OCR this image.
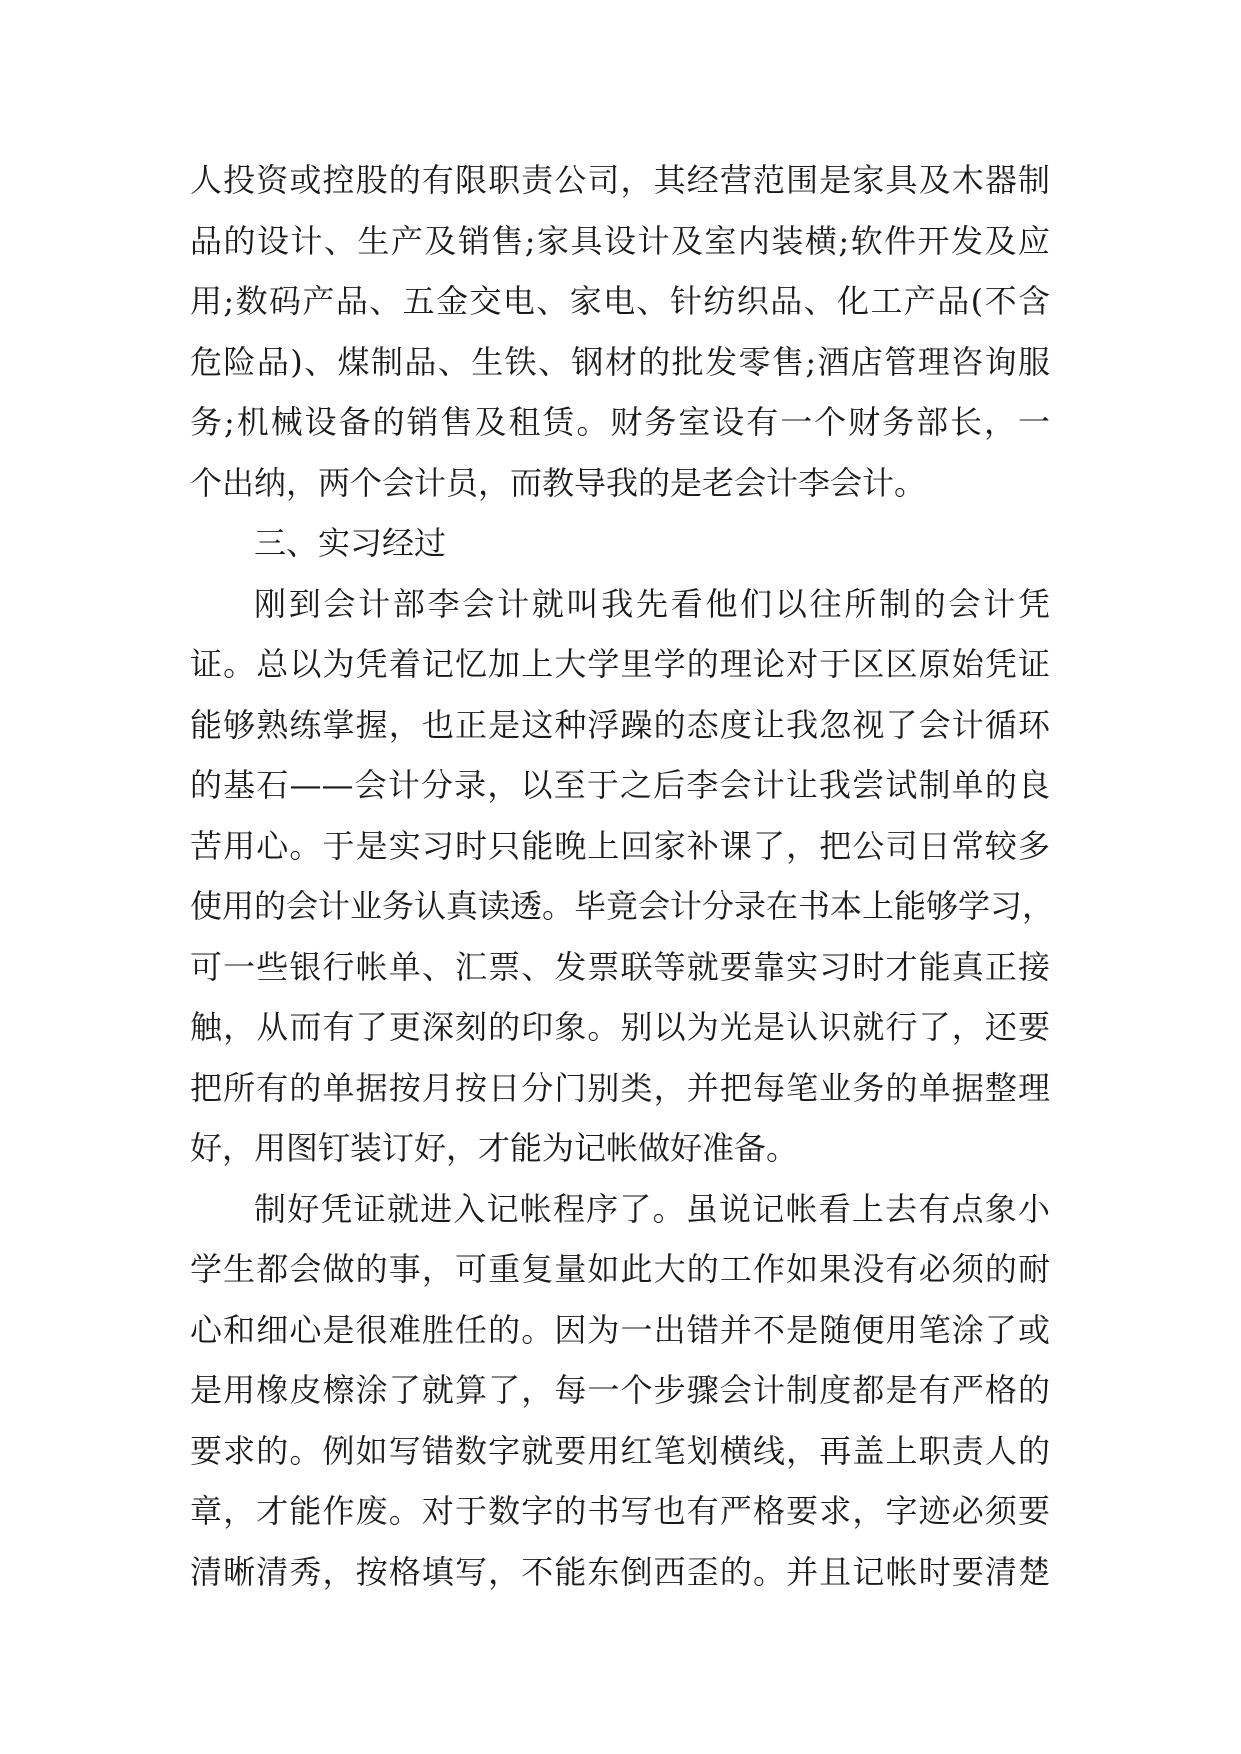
人投资或控股的有限职责公司，其经营范围是家具及木器制
品的设计、生产及销售;家具设计及室内装横;软件开发及应
用;数码产品、五金交电、家电、针纺织品、化工产品(不含
危险品)、煤制品、生铁、钢材的批发零售;酒店管理咨询服
务;机械设备的销售及租赁。财务室设有一个财务部长，一
个出纳，两个会计员，而教导我的是老会计李会计。
三、实习经过
刚到会计部李会计就叫我先看他们以往所制的会计凭
证。总以为凭着记忆加上大学里学的理论对于区区原始凭证
能够熟练掌握，也正是这种浮躁的态度让我忽视了会计循环
的基石——会计分录，以至于之后李会计让我尝试制单的良
苦用心。于是实习时只能晚上回家补课了，把公司日常较多
使用的会计业务认真读透。毕竟会计分录在书本上能够学习，
可一些银行帐单、汇票、发票联等就要靠实习时才能真正接
触，从而有了更深刻的印象。别以为光是认识就行了，还要
把所有的单据按月按日分门别类，并把每笔业务的单据整理
好，用图钉装订好，才能为记帐做好准备。
制好凭证就进入记帐程序了。虽说记帐看上去有点象小
学生都会做的事，可重复量如此大的工作如果没有必须的耐
心和细心是很难胜任的。因为一出错并不是随便用笔涂了或
是用橡皮檫涂了就算了，每一个步骤会计制度都是有严格的
要求的。例如写错数字就要用红笔划横线，再盖上职责人的
章，才能作废。对于数字的书写也有严格要求，字迹必须要
清晰清秀，按格填写，不能东倒西歪的。并且记帐时要清楚
